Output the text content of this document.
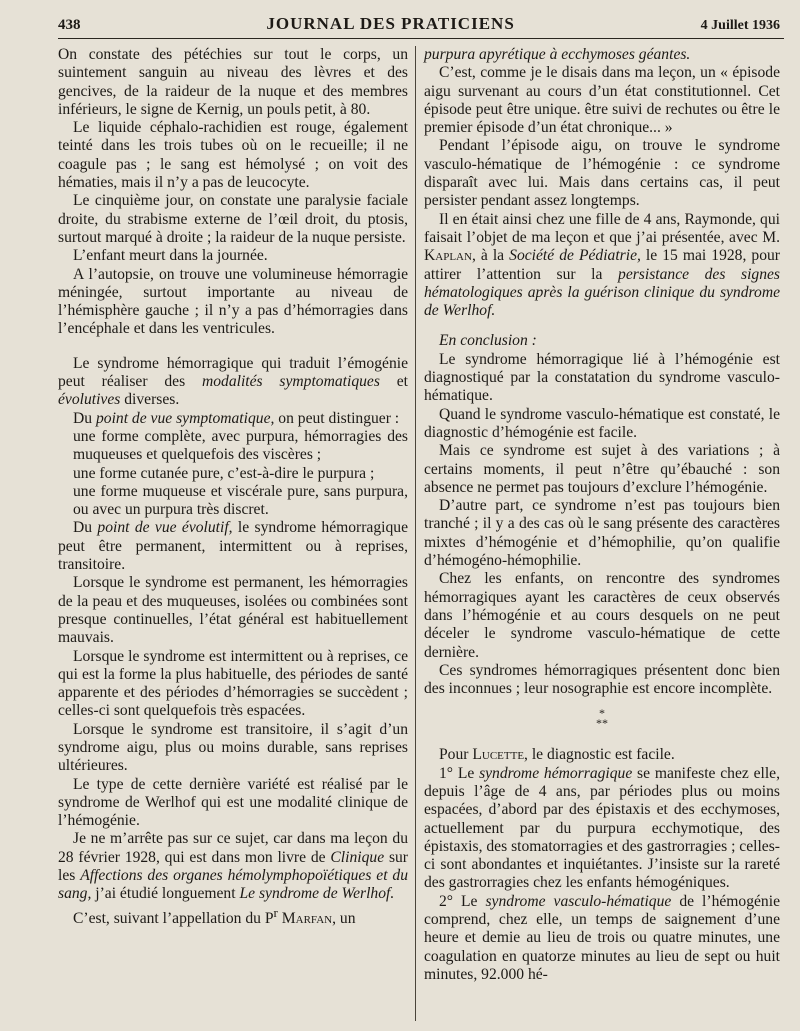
438	JOURNAL DES PRATICIENS	4 Juillet 1936

On constate des pétéchies sur tout le corps, un suintement sanguin au niveau des lèvres et des gencives, de la raideur de la nuque et des membres inférieurs, le signe de Kernig, un pouls petit, à 80.

Le liquide céphalo-rachidien est rouge, également teinté dans les trois tubes où on le recueille; il ne coagule pas ; le sang est hémolysé ; on voit des hématies, mais il n’y a pas de leucocyte.

Le cinquième jour, on constate une paralysie faciale droite, du strabisme externe de l’œil droit, du ptosis, surtout marqué à droite ; la raideur de la nuque persiste.

L’enfant meurt dans la journée.

A l’autopsie, on trouve une volumineuse hémorragie méningée, surtout importante au niveau de l’hémisphère gauche ; il n’y a pas d’hémorragies dans l’encéphale et dans les ventricules.

Le syndrome hémorragique qui traduit l’émogénie peut réaliser des modalités symptomatiques et évolutives diverses.

Du point de vue symptomatique, on peut distinguer :

une forme complète, avec purpura, hémorragies des muqueuses et quelquefois des viscères ;

une forme cutanée pure, c’est-à-dire le purpura ;

une forme muqueuse et viscérale pure, sans purpura, ou avec un purpura très discret.

Du point de vue évolutif, le syndrome hémorragique peut être permanent, intermittent ou à reprises, transitoire.

Lorsque le syndrome est permanent, les hémorragies de la peau et des muqueuses, isolées ou combinées sont presque continuelles, l’état général est habituellement mauvais.

Lorsque le syndrome est intermittent ou à reprises, ce qui est la forme la plus habituelle, des périodes de santé apparente et des périodes d’hémorragies se succèdent ; celles-ci sont quelquefois très espacées.

Lorsque le syndrome est transitoire, il s’agit d’un syndrome aigu, plus ou moins durable, sans reprises ultérieures.

Le type de cette dernière variété est réalisé par le syndrome de Werlhof qui est une modalité clinique de l’hémogénie.

Je ne m’arrête pas sur ce sujet, car dans ma leçon du 28 février 1928, qui est dans mon livre de Clinique sur les Affections des organes hémolymphopoïétiques et du sang, j’ai étudié longuement Le syndrome de Werlhof.

C’est, suivant l’appellation du $P^r$ Marfan, un

purpura apyrétique à ecchymoses géantes.

C’est, comme je le disais dans ma leçon, un « épisode aigu survenant au cours d’un état constitutionnel. Cet épisode peut être unique. être suivi de rechutes ou être le premier épisode d’un état chronique... »

Pendant l’épisode aigu, on trouve le syndrome vasculo-hématique de l’hémogénie : ce syndrome disparaît avec lui. Mais dans certains cas, il peut persister pendant assez longtemps.

Il en était ainsi chez une fille de 4 ans, Raymonde, qui faisait l’objet de ma leçon et que j’ai présentée, avec M. Kaplan, à la Société de Pédiatrie, le 15 mai 1928, pour attirer l’attention sur la persistance des signes hématologiques après la guérison clinique du syndrome de Werlhof.

En conclusion :

Le syndrome hémorragique lié à l’hémogénie est diagnostiqué par la constatation du syndrome vasculo-hématique.

Quand le syndrome vasculo-hématique est constaté, le diagnostic d’hémogénie est facile.

Mais ce syndrome est sujet à des variations ; à certains moments, il peut n’être qu’ébauché : son absence ne permet pas toujours d’exclure l’hémogénie.

D’autre part, ce syndrome n’est pas toujours bien tranché ; il y a des cas où le sang présente des caractères mixtes d’hémogénie et d’hémophilie, qu’on qualifie d’hémogéno-hémophilie.

Chez les enfants, on rencontre des syndromes hémorragiques ayant les caractères de ceux observés dans l’hémogénie et au cours desquels on ne peut déceler le syndrome vasculo-hématique de cette dernière.

Ces syndromes hémorragiques présentent donc bien des inconnues ; leur nosographie est encore incomplète.

*
**

Pour Lucette, le diagnostic est facile.

1° Le syndrome hémorragique se manifeste chez elle, depuis l’âge de 4 ans, par périodes plus ou moins espacées, d’abord par des épistaxis et des ecchymoses, actuellement par du purpura ecchymotique, des épistaxis, des stomatorragies et des gastrorragies ; celles-ci sont abondantes et inquiétantes. J’insiste sur la rareté des gastrorragies chez les enfants hémogéniques.

2° Le syndrome vasculo-hématique de l’hémogénie comprend, chez elle, un temps de saignement d’une heure et demie au lieu de trois ou quatre minutes, une coagulation en quatorze minutes au lieu de sept ou huit minutes, 92.000 hé-
